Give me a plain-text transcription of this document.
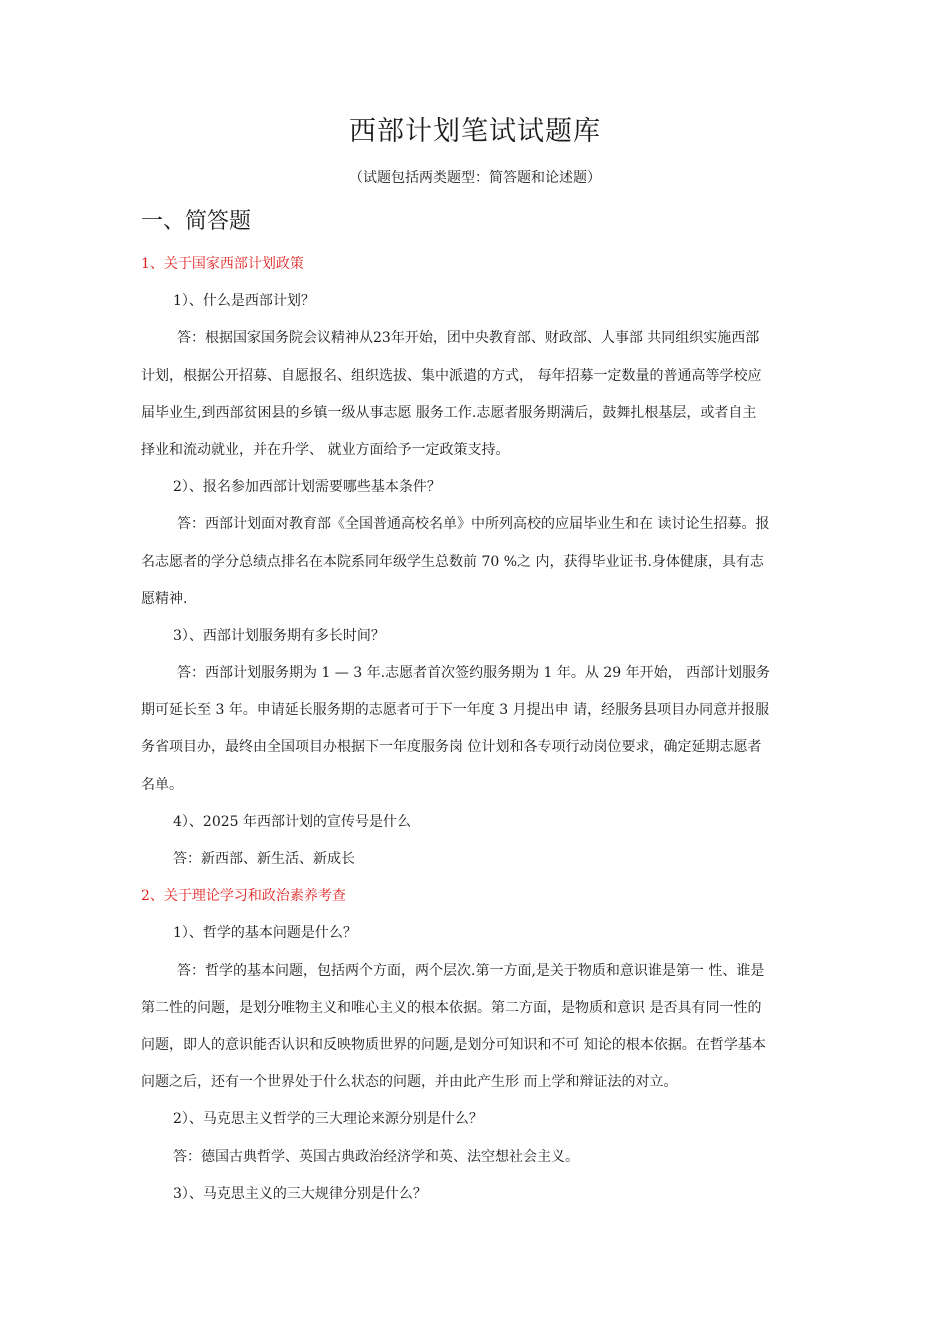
西部计划笔试试题库
（试题包括两类题型：简答题和论述题）
一、简答题
1、关于国家西部计划政策
1）、什么是西部计划？
答：根据国家国务院会议精神从23年开始，团中央教育部、财政部、人事部 共同组织实施西部
计划，根据公开招募、自愿报名、组织选拔、集中派遣的方式， 每年招募一定数量的普通高等学校应
届毕业生,到西部贫困县的乡镇一级从事志愿 服务工作.志愿者服务期满后，鼓舞扎根基层，或者自主
择业和流动就业，并在升学、 就业方面给予一定政策支持。
2）、报名参加西部计划需要哪些基本条件？
答：西部计划面对教育部《全国普通高校名单》中所列高校的应届毕业生和在 读讨论生招募。报
名志愿者的学分总绩点排名在本院系同年级学生总数前 70 %之 内，获得毕业证书.身体健康，具有志
愿精神.
3）、西部计划服务期有多长时间？
答：西部计划服务期为 1 — 3 年.志愿者首次签约服务期为 1 年。从 29 年开始， 西部计划服务
期可延长至 3 年。申请延长服务期的志愿者可于下一年度 3 月提出申 请，经服务县项目办同意并报服
务省项目办，最终由全国项目办根据下一年度服务岗 位计划和各专项行动岗位要求，确定延期志愿者
名单。
4）、2025 年西部计划的宣传号是什么
答：新西部、新生活、新成长
2、关于理论学习和政治素养考查
1）、哲学的基本问题是什么？
答：哲学的基本问题，包括两个方面，两个层次.第一方面,是关于物质和意识谁是第一 性、谁是
第二性的问题，是划分唯物主义和唯心主义的根本依据。第二方面，是物质和意识 是否具有同一性的
问题，即人的意识能否认识和反映物质世界的问题,是划分可知识和不可 知论的根本依据。在哲学基本
问题之后，还有一个世界处于什么状态的问题，并由此产生形 而上学和辩证法的对立。
2）、马克思主义哲学的三大理论来源分别是什么？
答：德国古典哲学、英国古典政治经济学和英、法空想社会主义。
3）、马克思主义的三大规律分别是什么？
